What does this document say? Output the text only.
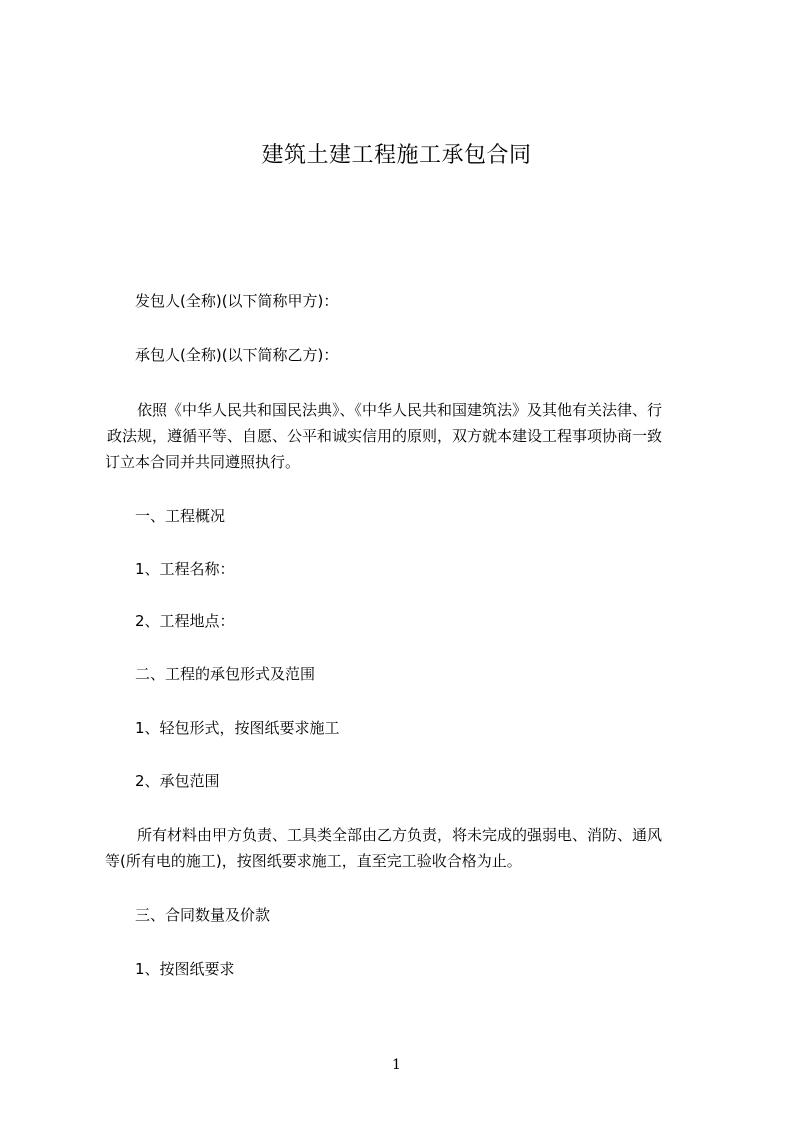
建筑土建工程施工承包合同
发包人(全称)(以下简称甲方)：
承包人(全称)(以下简称乙方)：
依照《中华人民共和国民法典》、《中华人民共和国建筑法》及其他有关法律、行
政法规，遵循平等、自愿、公平和诚实信用的原则，双方就本建设工程事项协商一致
订立本合同并共同遵照执行。
一、工程概况
1、工程名称：
2、工程地点：
二、工程的承包形式及范围
1、轻包形式，按图纸要求施工
2、承包范围
所有材料由甲方负责、工具类全部由乙方负责，将未完成的强弱电、消防、通风
等(所有电的施工)，按图纸要求施工，直至完工验收合格为止。
三、合同数量及价款
1、按图纸要求
1
